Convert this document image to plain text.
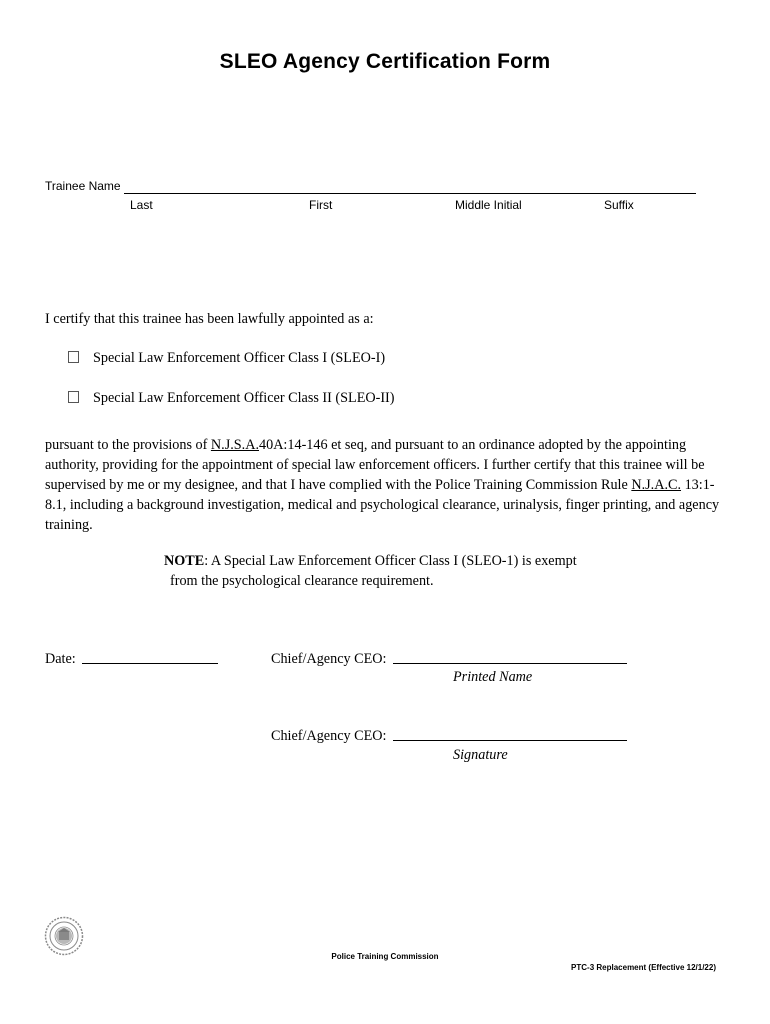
SLEO Agency Certification Form
Trainee Name
Last	First	Middle Initial	Suffix
I certify that this trainee has been lawfully appointed as a:
Special Law Enforcement Officer Class I (SLEO-I)
Special Law Enforcement Officer Class II (SLEO-II)
pursuant to the provisions of N.J.S.A.40A:14-146 et seq, and pursuant to an ordinance adopted by the appointing authority, providing for the appointment of special law enforcement officers. I further certify that this trainee will be supervised by me or my designee, and that I have complied with the Police Training Commission Rule N.J.A.C. 13:1-8.1, including a background investigation, medical and psychological clearance, urinalysis, finger printing, and agency training.
NOTE: A Special Law Enforcement Officer Class I (SLEO-1) is exempt
from the psychological clearance requirement.
Date:	Chief/Agency CEO:
Printed Name
Chief/Agency CEO:
Signature
Police Training Commission
PTC-3 Replacement (Effective 12/1/22)
